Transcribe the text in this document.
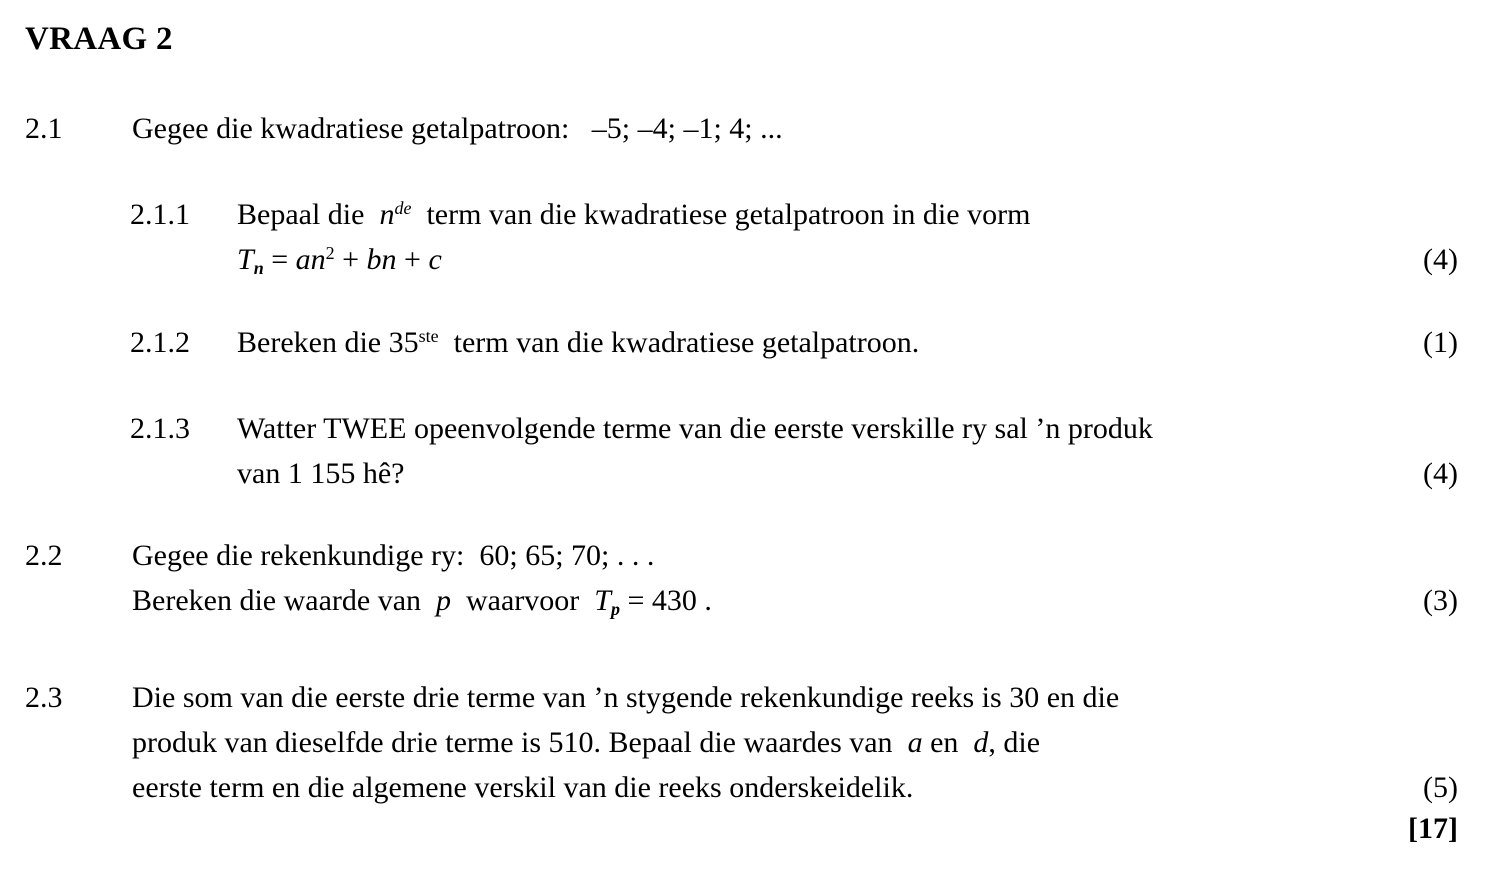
VRAAG 2
2.1 Gegee die kwadratiese getalpatroon:   –5; –4; –1; 4; ...
2.1.1 Bepaal die  $n^{de}$  term van die kwadratiese getalpatroon in die vorm
$T_n = an^2$ + bn + c	(4)
2.1.2 Bereken die 35ste  term van die kwadratiese getalpatroon.	(1)
2.1.3 Watter TWEE opeenvolgende terme van die eerste verskille ry sal ’n produk
van 1 155 hê?	(4)
2.2 Gegee die rekenkundige ry:  60; 65; 70; . . .
Bereken die waarde van  p  waarvoor  $T_p = 430$ .	(3)
2.3 Die som van die eerste drie terme van ’n stygende rekenkundige reeks is 30 en die
produk van dieselfde drie terme is 510. Bepaal die waardes van  a en  d, die
eerste term en die algemene verskil van die reeks onderskeidelik.	(5)
[17]
